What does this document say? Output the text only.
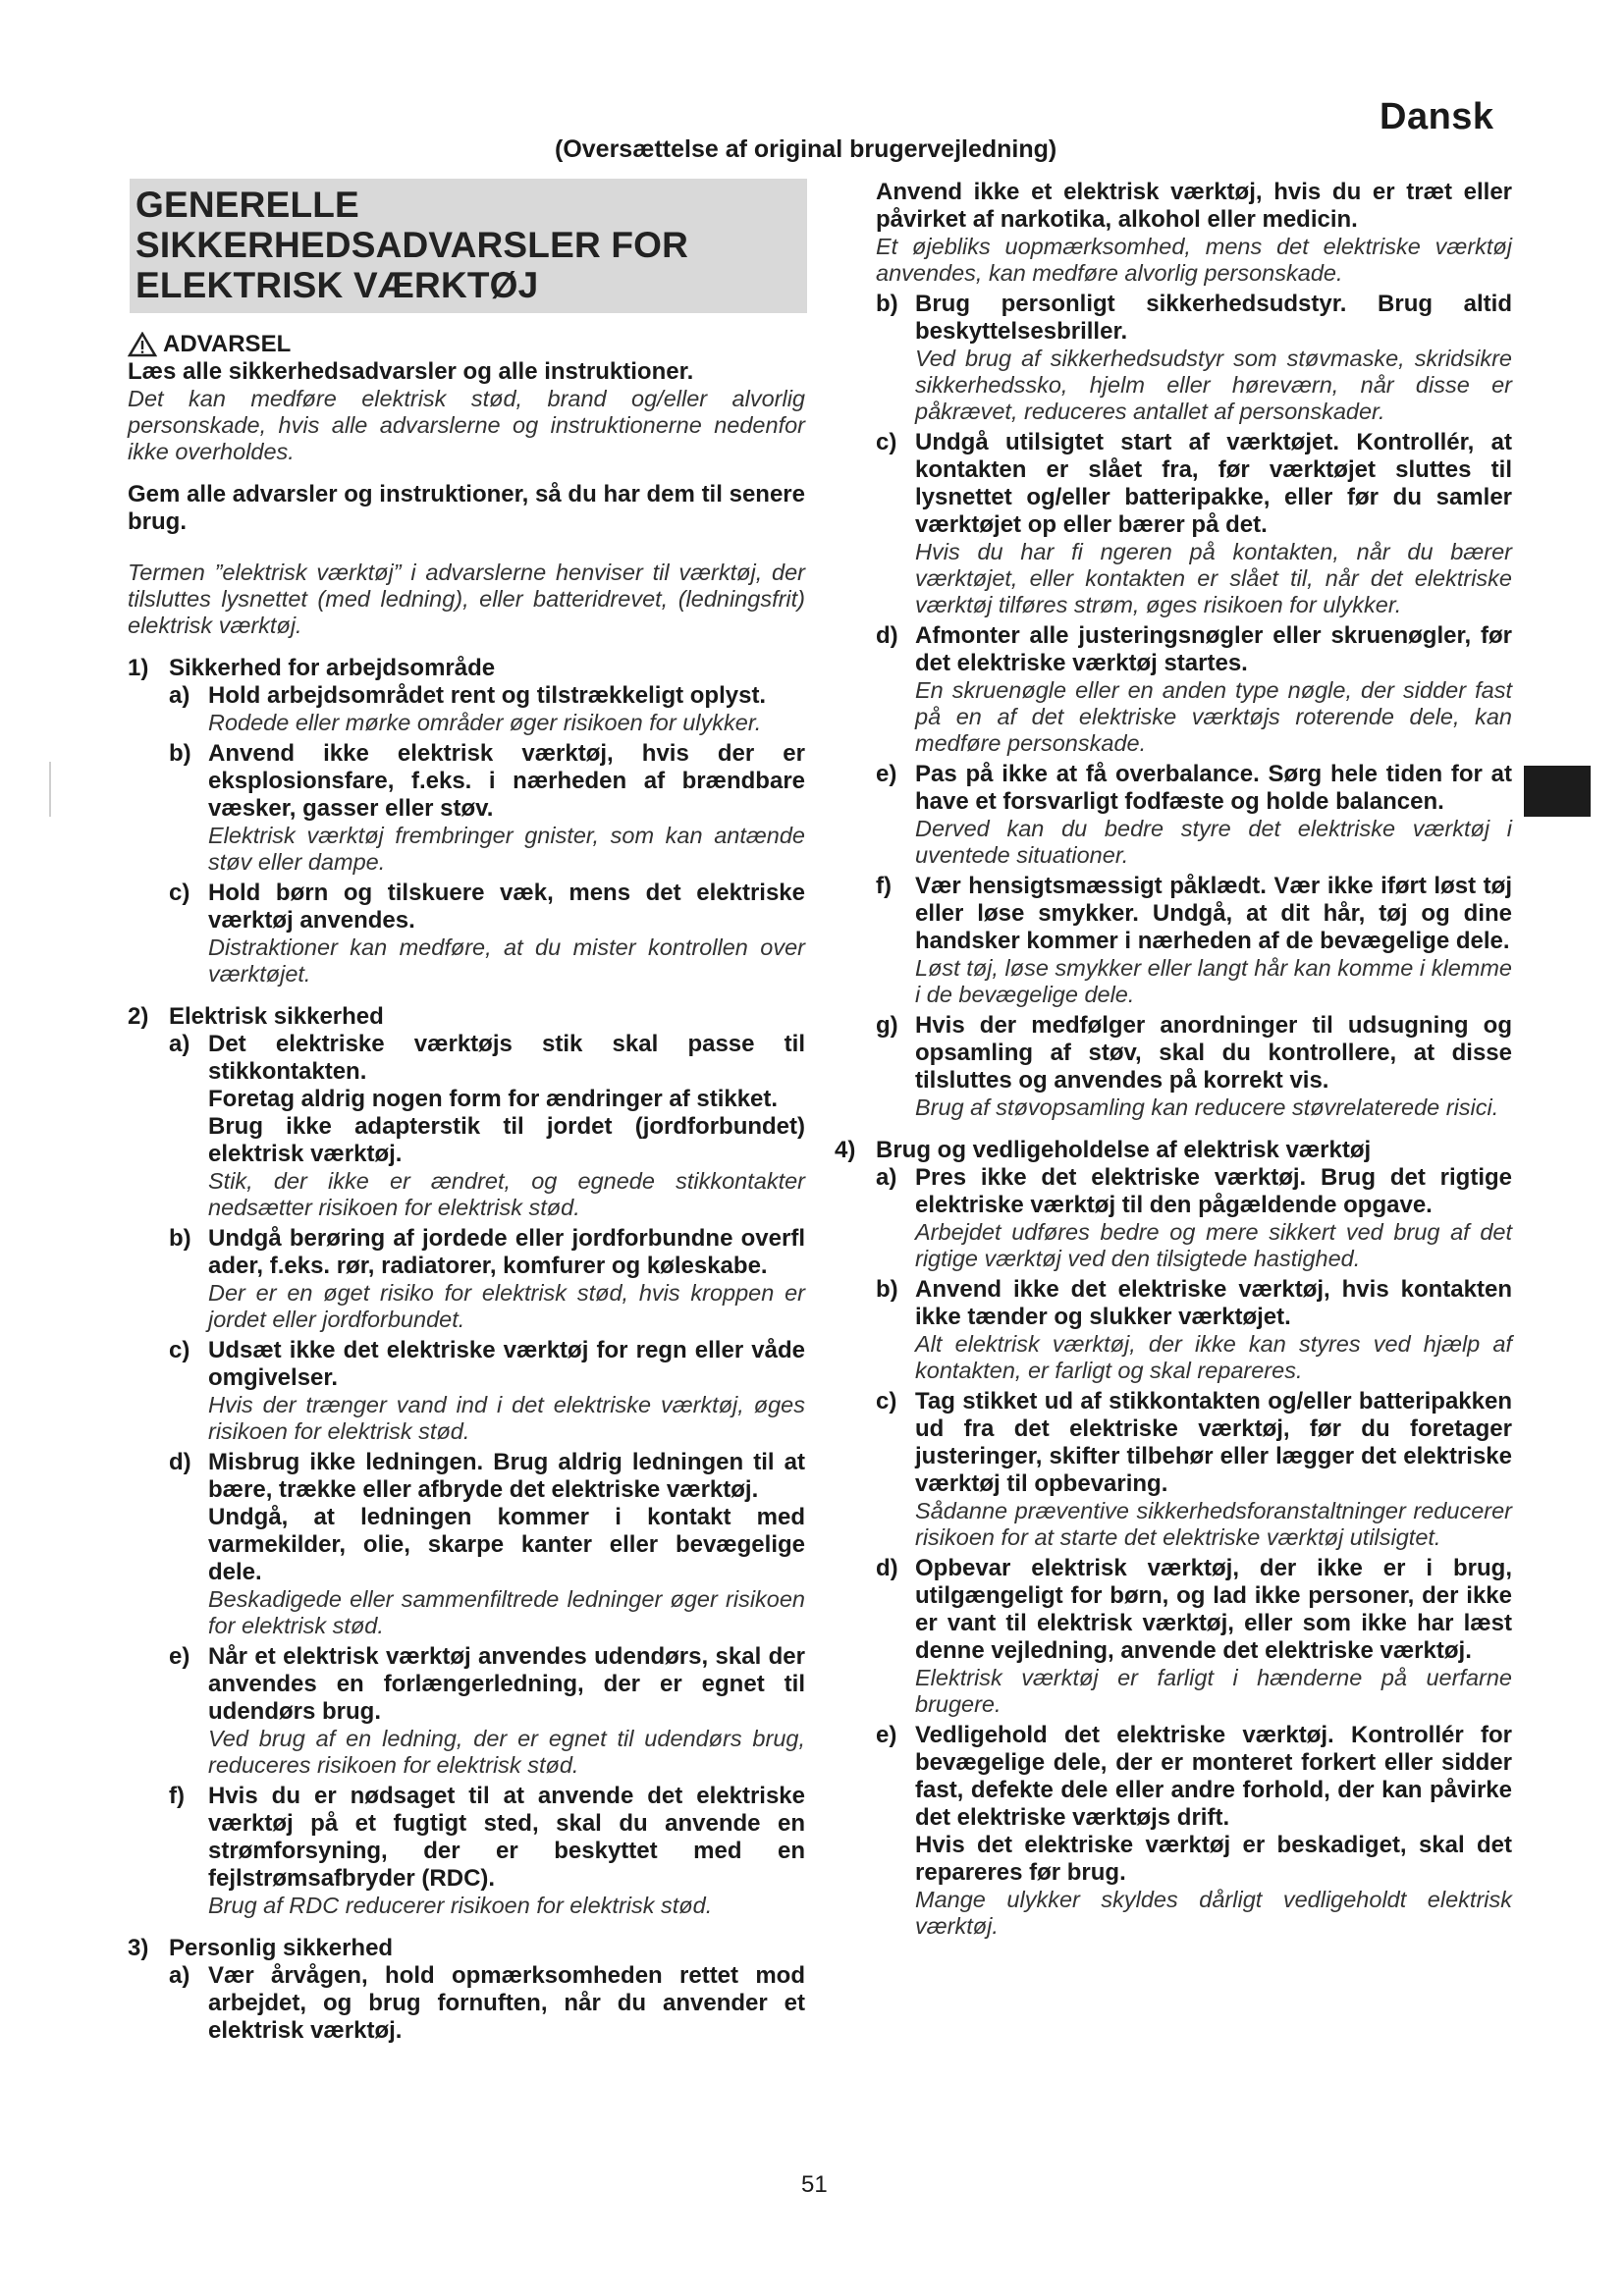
Dansk
(Oversættelse af original brugervejledning)
GENERELLE
SIKKERHEDSADVARSLER FOR
ELEKTRISK VÆRKTØJ
ADVARSEL
Læs alle sikkerhedsadvarsler og alle instruktioner.
Det kan medføre elektrisk stød, brand og/eller alvorlig personskade, hvis alle advarslerne og instruktionerne nedenfor ikke overholdes.
Gem alle advarsler og instruktioner, så du har dem til senere brug.
Termen ”elektrisk værktøj” i advarslerne henviser til værktøj, der tilsluttes lysnettet (med ledning), eller batteridrevet, (ledningsfrit) elektrisk værktøj.
1) Sikkerhed for arbejdsområde
a) Hold arbejdsområdet rent og tilstrækkeligt oplyst.
Rodede eller mørke områder øger risikoen for ulykker.
b) Anvend ikke elektrisk værktøj, hvis der er eksplosionsfare, f.eks. i nærheden af brændbare væsker, gasser eller støv.
Elektrisk værktøj frembringer gnister, som kan antænde støv eller dampe.
c) Hold børn og tilskuere væk, mens det elektriske værktøj anvendes.
Distraktioner kan medføre, at du mister kontrollen over værktøjet.
2) Elektrisk sikkerhed
a) Det elektriske værktøjs stik skal passe til stikkontakten.
Foretag aldrig nogen form for ændringer af stikket.
Brug ikke adapterstik til jordet (jordforbundet) elektrisk værktøj.
Stik, der ikke er ændret, og egnede stikkontakter nedsætter risikoen for elektrisk stød.
b) Undgå berøring af jordede eller jordforbundne overfl ader, f.eks. rør, radiatorer, komfurer og køleskabe.
Der er en øget risiko for elektrisk stød, hvis kroppen er jordet eller jordforbundet.
c) Udsæt ikke det elektriske værktøj for regn eller våde omgivelser.
Hvis der trænger vand ind i det elektriske værktøj, øges risikoen for elektrisk stød.
d) Misbrug ikke ledningen. Brug aldrig ledningen til at bære, trække eller afbryde det elektriske værktøj.
Undgå, at ledningen kommer i kontakt med varmekilder, olie, skarpe kanter eller bevægelige dele.
Beskadigede eller sammenfiltrede ledninger øger risikoen for elektrisk stød.
e) Når et elektrisk værktøj anvendes udendørs, skal der anvendes en forlængerledning, der er egnet til udendørs brug.
Ved brug af en ledning, der er egnet til udendørs brug, reduceres risikoen for elektrisk stød.
f)	Hvis du er nødsaget til at anvende det elektriske værktøj på et fugtigt sted, skal du anvende en strømforsyning, der er beskyttet med en fejlstrømsafbryder (RDC).
Brug af RDC reducerer risikoen for elektrisk stød.
3) Personlig sikkerhed
a) Vær årvågen, hold opmærksomheden rettet mod arbejdet, og brug fornuften, når du anvender et elektrisk værktøj.
Anvend ikke et elektrisk værktøj, hvis du er træt eller påvirket af narkotika, alkohol eller medicin.
Et øjebliks uopmærksomhed, mens det elektriske værktøj anvendes, kan medføre alvorlig personskade.
b) Brug personligt sikkerhedsudstyr. Brug altid beskyttelsesbriller.
Ved brug af sikkerhedsudstyr som støvmaske, skridsikre sikkerhedssko, hjelm eller høreværn, når disse er påkrævet, reduceres antallet af personskader.
c) Undgå utilsigtet start af værktøjet. Kontrollér, at kontakten er slået fra, før værktøjet sluttes til lysnettet og/eller batteripakke, eller før du samler værktøjet op eller bærer på det.
Hvis du har fi ngeren på kontakten, når du bærer værktøjet, eller kontakten er slået til, når det elektriske værktøj tilføres strøm, øges risikoen for ulykker.
d) Afmonter alle justeringsnøgler eller skruenøgler, før det elektriske værktøj startes.
En skruenøgle eller en anden type nøgle, der sidder fast på en af det elektriske værktøjs roterende dele, kan medføre personskade.
e) Pas på ikke at få overbalance. Sørg hele tiden for at have et forsvarligt fodfæste og holde balancen.
Derved kan du bedre styre det elektriske værktøj i uventede situationer.
f)	Vær hensigtsmæssigt påklædt. Vær ikke iført løst tøj eller løse smykker. Undgå, at dit hår, tøj og dine handsker kommer i nærheden af de bevægelige dele.
Løst tøj, løse smykker eller langt hår kan komme i klemme i de bevægelige dele.
g) Hvis der medfølger anordninger til udsugning og opsamling af støv, skal du kontrollere, at disse tilsluttes og anvendes på korrekt vis.
Brug af støvopsamling kan reducere støvrelaterede risici.
4) Brug og vedligeholdelse af elektrisk værktøj
a) Pres ikke det elektriske værktøj. Brug det rigtige elektriske værktøj til den pågældende opgave.
Arbejdet udføres bedre og mere sikkert ved brug af det rigtige værktøj ved den tilsigtede hastighed.
b) Anvend ikke det elektriske værktøj, hvis kontakten ikke tænder og slukker værktøjet.
Alt elektrisk værktøj, der ikke kan styres ved hjælp af kontakten, er farligt og skal repareres.
c) Tag stikket ud af stikkontakten og/eller batteripakken ud fra det elektriske værktøj, før du foretager justeringer, skifter tilbehør eller lægger det elektriske værktøj til opbevaring.
Sådanne præventive sikkerhedsforanstaltninger reducerer risikoen for at starte det elektriske værktøj utilsigtet.
d) Opbevar elektrisk værktøj, der ikke er i brug, utilgængeligt for børn, og lad ikke personer, der ikke er vant til elektrisk værktøj, eller som ikke har læst denne vejledning, anvende det elektriske værktøj.
Elektrisk værktøj er farligt i hænderne på uerfarne brugere.
e) Vedligehold det elektriske værktøj. Kontrollér for bevægelige dele, der er monteret forkert eller sidder fast, defekte dele eller andre forhold, der kan påvirke det elektriske værktøjs drift.
Hvis det elektriske værktøj er beskadiget, skal det repareres før brug.
Mange ulykker skyldes dårligt vedligeholdt elektrisk værktøj.
51
